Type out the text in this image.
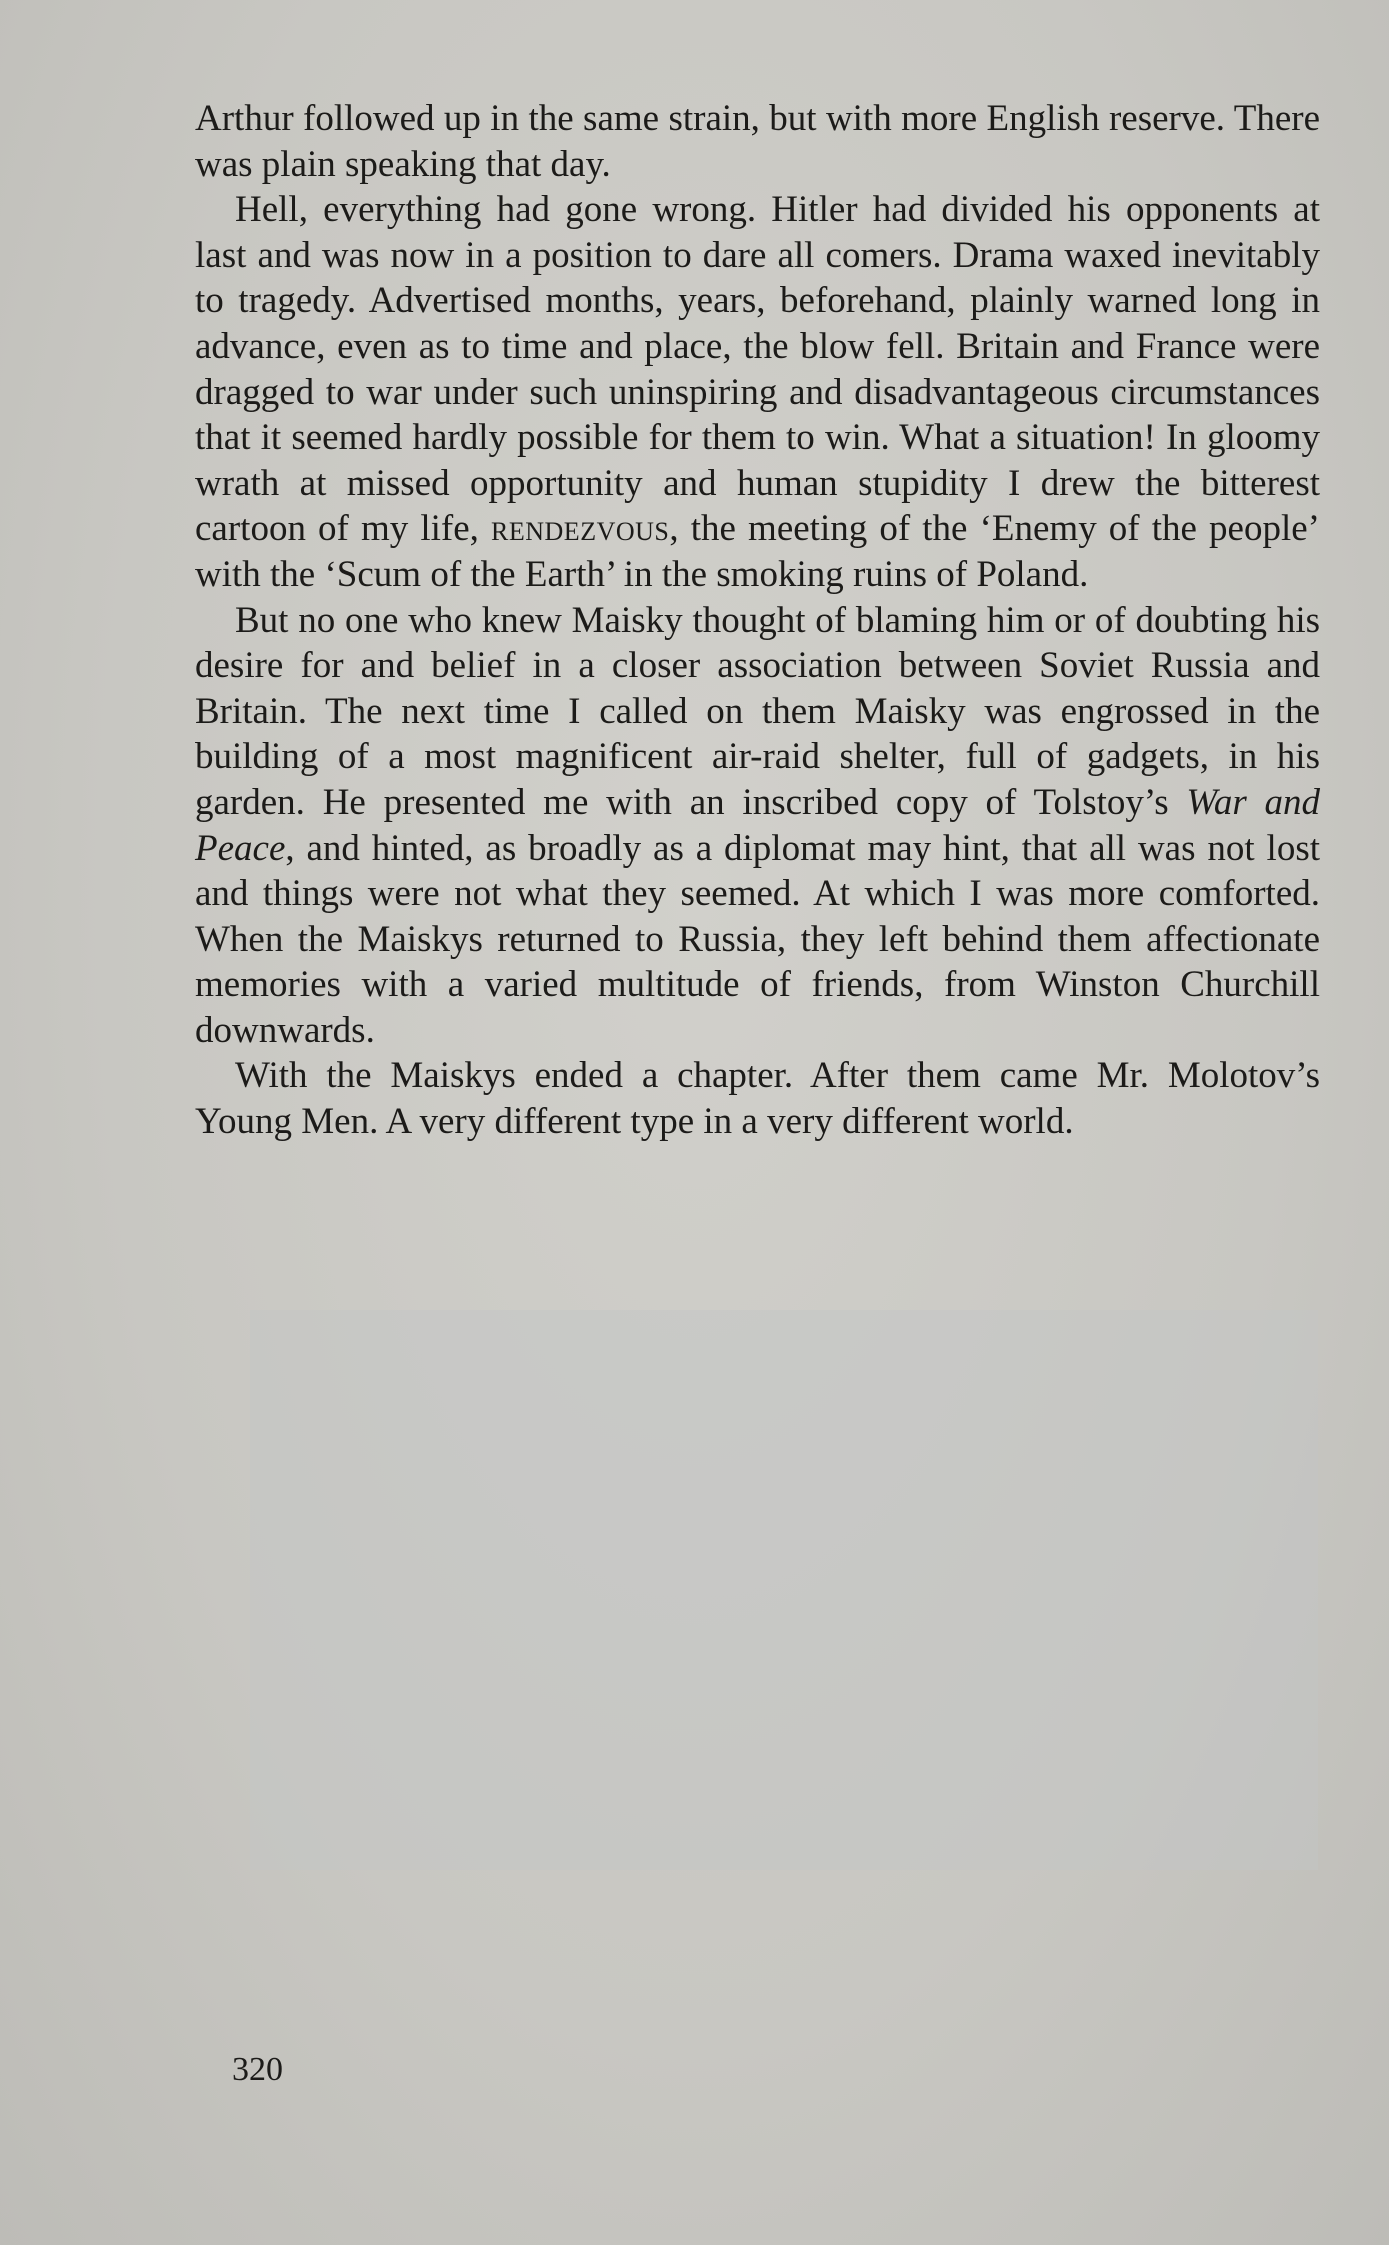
Arthur followed up in the same strain, but with more English reserve. There was plain speaking that day.

Hell, everything had gone wrong. Hitler had divided his opponents at last and was now in a position to dare all comers. Drama waxed inevitably to tragedy. Advertised months, years, beforehand, plainly warned long in advance, even as to time and place, the blow fell. Britain and France were dragged to war under such uninspiring and disadvantageous circumstances that it seemed hardly possible for them to win. What a situation! In gloomy wrath at missed opportunity and human stupidity I drew the bitterest cartoon of my life, rendezvous, the meeting of the ‘Enemy of the people’ with the ‘Scum of the Earth’ in the smoking ruins of Poland.

But no one who knew Maisky thought of blaming him or of doubting his desire for and belief in a closer association between Soviet Russia and Britain. The next time I called on them Maisky was engrossed in the building of a most magnificent air-raid shelter, full of gadgets, in his garden. He presented me with an inscribed copy of Tolstoy’s War and Peace, and hinted, as broadly as a diplomat may hint, that all was not lost and things were not what they seemed. At which I was more comforted. When the Maiskys returned to Russia, they left behind them affectionate memories with a varied multitude of friends, from Winston Churchill downwards.

With the Maiskys ended a chapter. After them came Mr. Molotov’s Young Men. A very different type in a very different world.

320
